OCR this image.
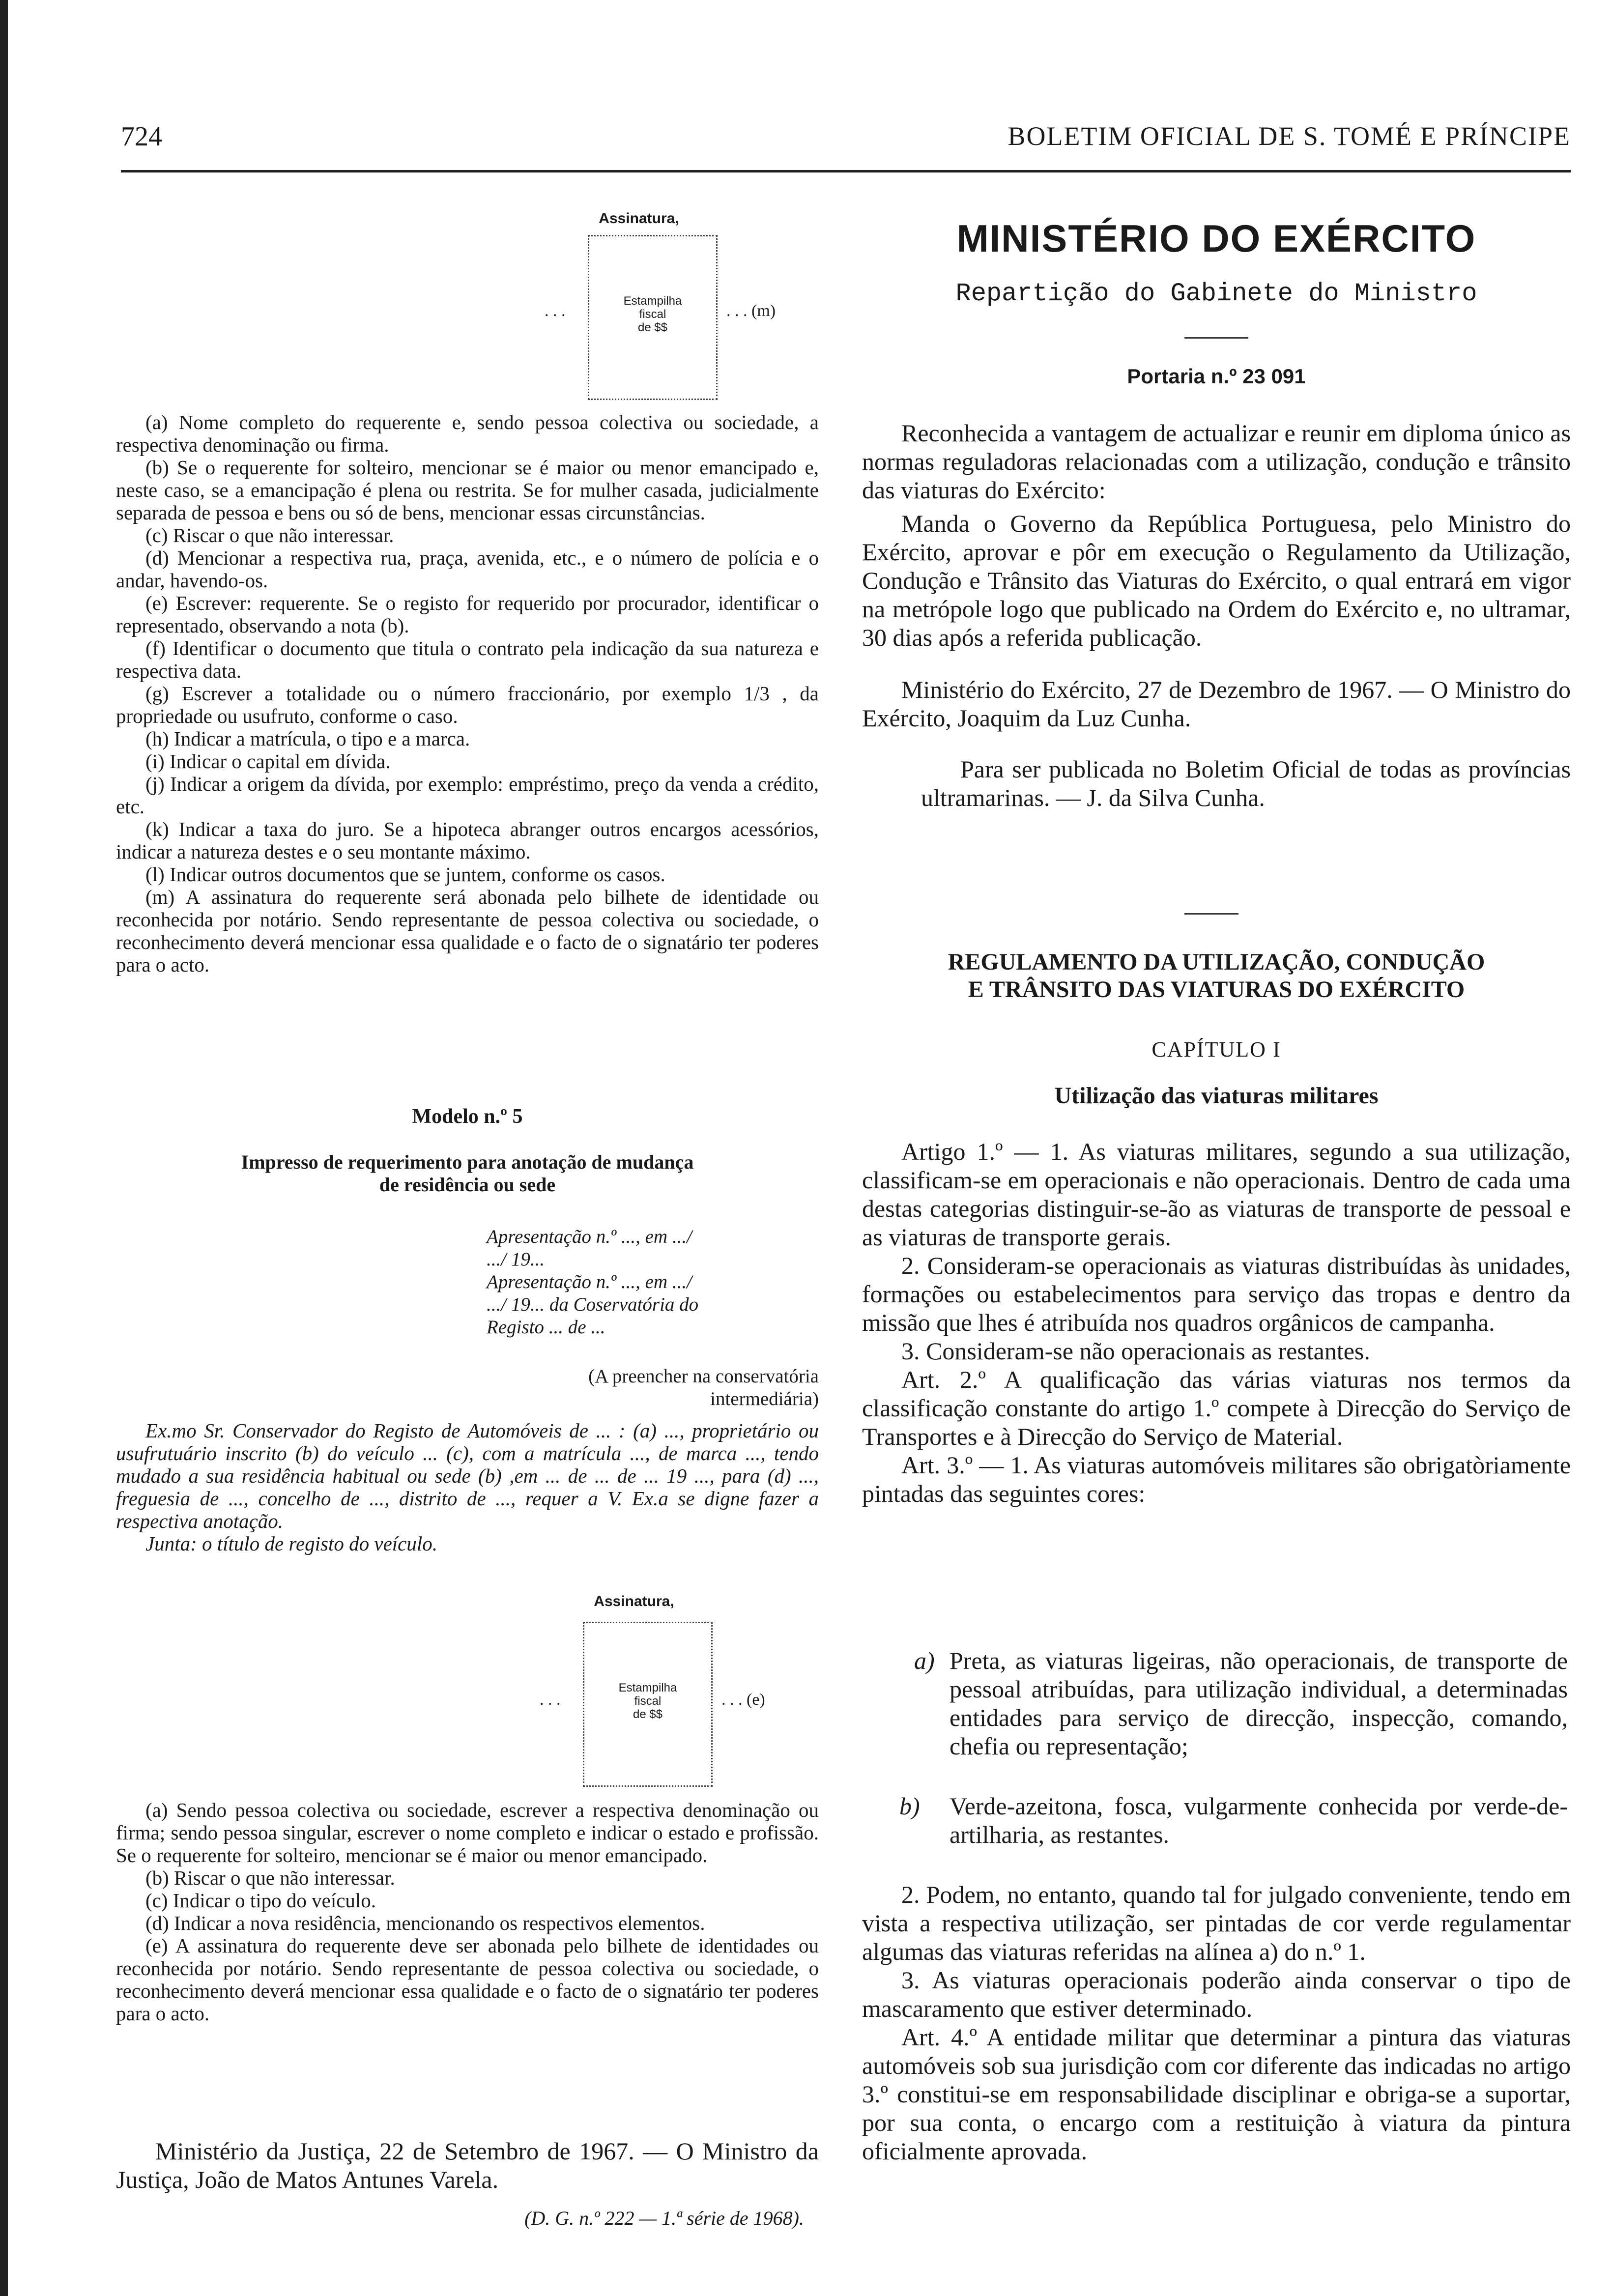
724	BOLETIM OFICIAL DE S. TOMÉ E PRÍNCIPE
Assinatura,
Estampilha
fiscal
de $$
. . .	. . . (m)

(a) Nome completo do requerente e, sendo pessoa colectiva ou sociedade, a respectiva denominação ou firma.

(b) Se o requerente for solteiro, mencionar se é maior ou menor emancipado e, neste caso, se a emancipação é plena ou restrita. Se for mulher casada, judicialmente separada de pessoa e bens ou só de bens, mencionar essas circunstâncias.

(c) Riscar o que não interessar.

(d) Mencionar a respectiva rua, praça, avenida, etc., e o número de polícia e o andar, havendo-os.

(e) Escrever: requerente. Se o registo for requerido por procurador, identificar o representado, observando a nota (b).

(f) Identificar o documento que titula o contrato pela indicação da sua natureza e respectiva data.

(g) Escrever a totalidade ou o número fraccionário, por exemplo 1/3 , da propriedade ou usufruto, conforme o caso.

(h) Indicar a matrícula, o tipo e a marca.

(i) Indicar o capital em dívida.

(j) Indicar a origem da dívida, por exemplo: empréstimo, preço da venda a crédito, etc.

(k) Indicar a taxa do juro. Se a hipoteca abranger outros encargos acessórios, indicar a natureza destes e o seu montante máximo.

(l) Indicar outros documentos que se juntem, conforme os casos.

(m) A assinatura do requerente será abonada pelo bilhete de identidade ou reconhecida por notário. Sendo representante de pessoa colectiva ou sociedade, o reconhecimento deverá mencionar essa qualidade e o facto de o signatário ter poderes para o acto.

Modelo n.º 5
Impresso de requerimento para anotação de mudança
de residência ou sede
Apresentação n.º ..., em .../
.../ 19...
Apresentação n.º ..., em .../
.../ 19... da Coservatória do
Registo ... de ...
(A preencher na conservatória
intermediária)

Ex.mo Sr. Conservador do Registo de Automóveis de ... : (a) ..., proprietário ou usufrutuário inscrito (b) do veículo ... (c), com a matrícula ..., de marca ..., tendo mudado a sua residência habitual ou sede (b) ,em ... de ... de ... 19 ..., para (d) ..., freguesia de ..., concelho de ..., distrito de ..., requer a V. Ex.a se digne fazer a respectiva anotação.

Junta: o título de registo do veículo.

Assinatura,
Estampilha
fiscal
de $$
. . .	. . . (e)

(a) Sendo pessoa colectiva ou sociedade, escrever a respectiva denominação ou firma; sendo pessoa singular, escrever o nome completo e indicar o estado e profissão. Se o requerente for solteiro, mencionar se é maior ou menor emancipado.

(b) Riscar o que não interessar.

(c) Indicar o tipo do veículo.

(d) Indicar a nova residência, mencionando os respectivos elementos.

(e) A assinatura do requerente deve ser abonada pelo bilhete de identidades ou reconhecida por notário. Sendo representante de pessoa colectiva ou sociedade, o reconhecimento deverá mencionar essa qualidade e o facto de o signatário ter poderes para o acto.

Ministério da Justiça, 22 de Setembro de 1967. — O Ministro da Justiça, João de Matos Antunes Varela.

(D. G. n.º 222 — 1.ª série de 1968).
MINISTÉRIO DO EXÉRCITO
Repartição do Gabinete do Ministro
Portaria n.º 23 091

Reconhecida a vantagem de actualizar e reunir em diploma único as normas reguladoras relacionadas com a utilização, condução e trânsito das viaturas do Exército:

Manda o Governo da República Portuguesa, pelo Ministro do Exército, aprovar e pôr em execução o Regulamento da Utilização, Condução e Trânsito das Viaturas do Exército, o qual entrará em vigor na metrópole logo que publicado na Ordem do Exército e, no ultramar, 30 dias após a referida publicação.

Ministério do Exército, 27 de Dezembro de 1967. — O Ministro do Exército, Joaquim da Luz Cunha.

Para ser publicada no Boletim Oficial de todas as províncias ultramarinas. — J. da Silva Cunha.

REGULAMENTO DA UTILIZAÇÃO, CONDUÇÃO
E TRÂNSITO DAS VIATURAS DO EXÉRCITO
CAPÍTULO I
Utilização das viaturas militares

Artigo 1.º — 1. As viaturas militares, segundo a sua utilização, classificam-se em operacionais e não operacionais. Dentro de cada uma destas categorias distinguir-se-ão as viaturas de transporte de pessoal e as viaturas de transporte gerais.

2. Consideram-se operacionais as viaturas distribuídas às unidades, formações ou estabelecimentos para serviço das tropas e dentro da missão que lhes é atribuída nos quadros orgânicos de campanha.

3. Consideram-se não operacionais as restantes.

Art. 2.º A qualificação das várias viaturas nos termos da classificação constante do artigo 1.º compete à Direcção do Serviço de Transportes e à Direcção do Serviço de Material.

Art. 3.º — 1. As viaturas automóveis militares são obrigatòriamente pintadas das seguintes cores:

a) Preta, as viaturas ligeiras, não operacionais, de transporte de pessoal atribuídas, para utilização individual, a determinadas entidades para serviço de direcção, inspecção, comando, chefia ou representação;
b) Verde-azeitona, fosca, vulgarmente conhecida por verde-de-artilharia, as restantes.

2. Podem, no entanto, quando tal for julgado conveniente, tendo em vista a respectiva utilização, ser pintadas de cor verde regulamentar algumas das viaturas referidas na alínea a) do n.º 1.

3. As viaturas operacionais poderão ainda conservar o tipo de mascaramento que estiver determinado.

Art. 4.º A entidade militar que determinar a pintura das viaturas automóveis sob sua jurisdição com cor diferente das indicadas no artigo 3.º constitui-se em responsabilidade disciplinar e obriga-se a suportar, por sua conta, o encargo com a restituição à viatura da pintura oficialmente aprovada.
